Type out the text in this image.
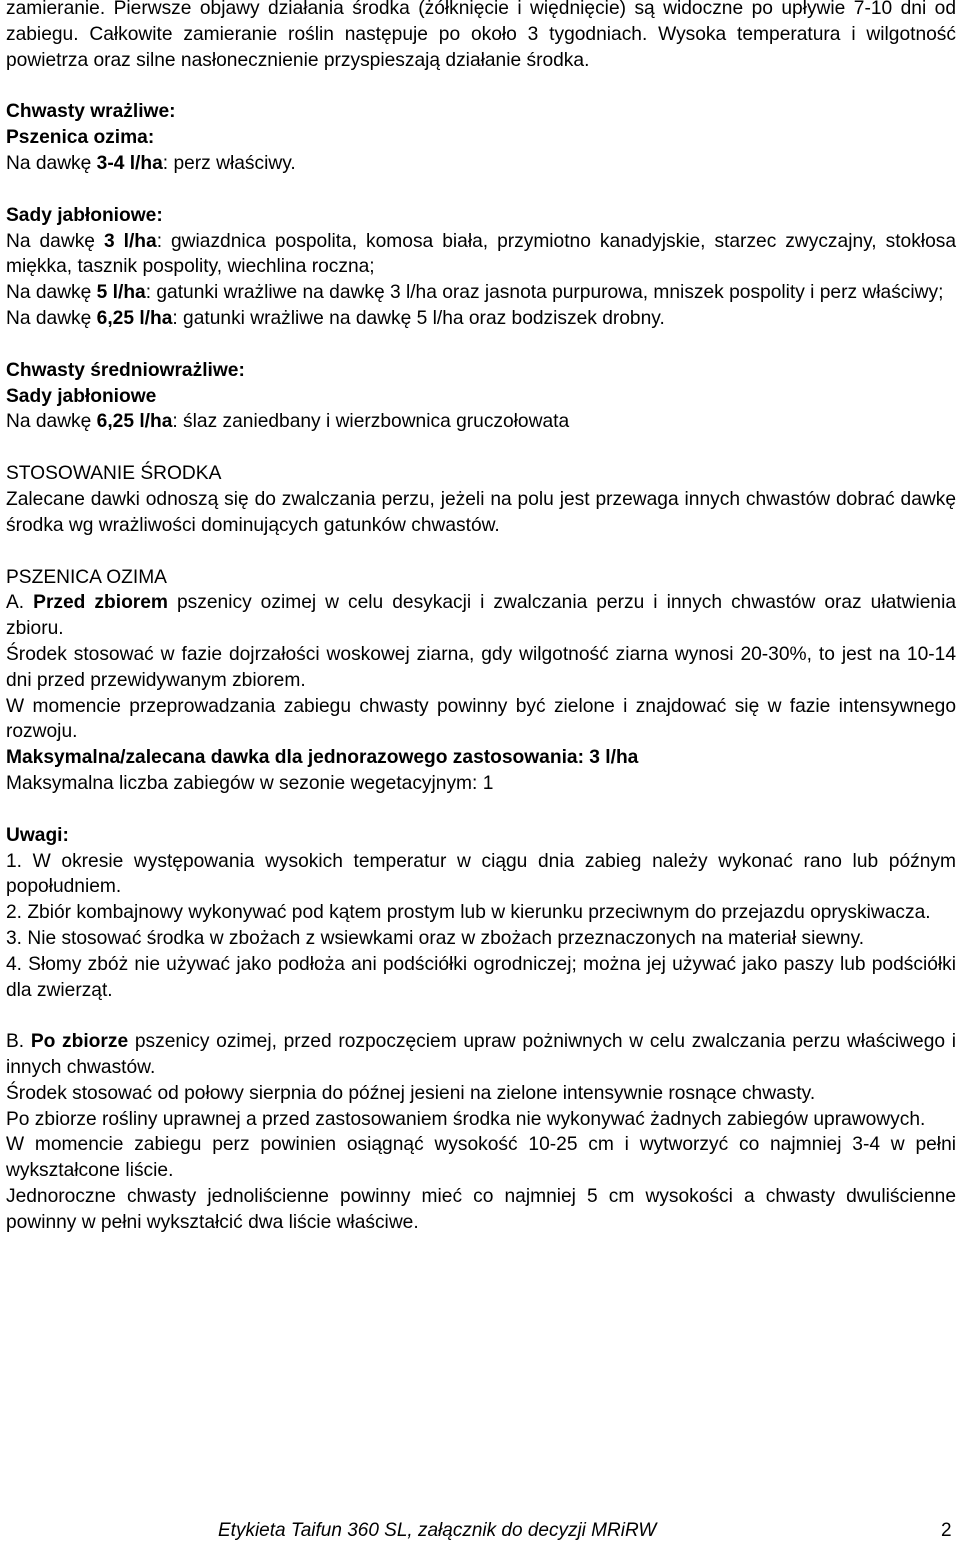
zamieranie. Pierwsze objawy działania środka (żółknięcie i więdnięcie) są widoczne po upływie 7-10 dni od zabiegu. Całkowite zamieranie roślin następuje po około 3 tygodniach. Wysoka temperatura i wilgotność powietrza oraz silne nasłonecznienie przyspieszają działanie środka.

Chwasty wrażliwe:

Pszenica ozima:

Na dawkę 3-4 l/ha: perz właściwy.

Sady jabłoniowe:

Na dawkę 3 l/ha: gwiazdnica pospolita, komosa biała, przymiotno kanadyjskie, starzec zwyczajny, stokłosa miękka, tasznik pospolity, wiechlina roczna;

Na dawkę 5 l/ha: gatunki wrażliwe na dawkę 3 l/ha oraz jasnota purpurowa, mniszek pospolity i perz właściwy;

Na dawkę 6,25 l/ha: gatunki wrażliwe na dawkę 5 l/ha oraz bodziszek drobny.

Chwasty średniowrażliwe:

Sady jabłoniowe

Na dawkę 6,25 l/ha: ślaz zaniedbany i wierzbownica gruczołowata

STOSOWANIE ŚRODKA

Zalecane dawki odnoszą się do zwalczania perzu, jeżeli na polu jest przewaga innych chwastów dobrać dawkę środka wg wrażliwości dominujących gatunków chwastów.

PSZENICA OZIMA

A. Przed zbiorem pszenicy ozimej w celu desykacji i zwalczania perzu i innych chwastów oraz ułatwienia zbioru.

Środek stosować w fazie dojrzałości woskowej ziarna, gdy wilgotność ziarna wynosi 20-30%, to jest na 10-14 dni przed przewidywanym zbiorem.

W momencie przeprowadzania zabiegu chwasty powinny być zielone i znajdować się w fazie intensywnego rozwoju.

Maksymalna/zalecana dawka dla jednorazowego zastosowania: 3 l/ha

Maksymalna liczba zabiegów w sezonie wegetacyjnym: 1

Uwagi:

1. W okresie występowania wysokich temperatur w ciągu dnia zabieg należy wykonać rano lub późnym popołudniem.

2. Zbiór kombajnowy wykonywać pod kątem prostym lub w kierunku przeciwnym do przejazdu opryskiwacza.

3. Nie stosować środka w zbożach z wsiewkami oraz w zbożach przeznaczonych na materiał siewny.

4. Słomy zbóż nie używać jako podłoża ani podściółki ogrodniczej; można jej używać jako paszy lub podściółki dla zwierząt.

B. Po zbiorze pszenicy ozimej, przed rozpoczęciem upraw pożniwnych w celu zwalczania perzu właściwego i innych chwastów.

Środek stosować od połowy sierpnia do późnej jesieni na zielone intensywnie rosnące chwasty.

Po zbiorze rośliny uprawnej a przed zastosowaniem środka nie wykonywać żadnych zabiegów uprawowych.

W momencie zabiegu perz powinien osiągnąć wysokość 10-25 cm i wytworzyć co najmniej 3-4 w pełni wykształcone liście.

Jednoroczne chwasty jednoliścienne powinny mieć co najmniej 5 cm wysokości a chwasty dwuliścienne powinny w pełni wykształcić dwa liście właściwe.

Etykieta Taifun 360 SL, załącznik do decyzji MRiRW	2
